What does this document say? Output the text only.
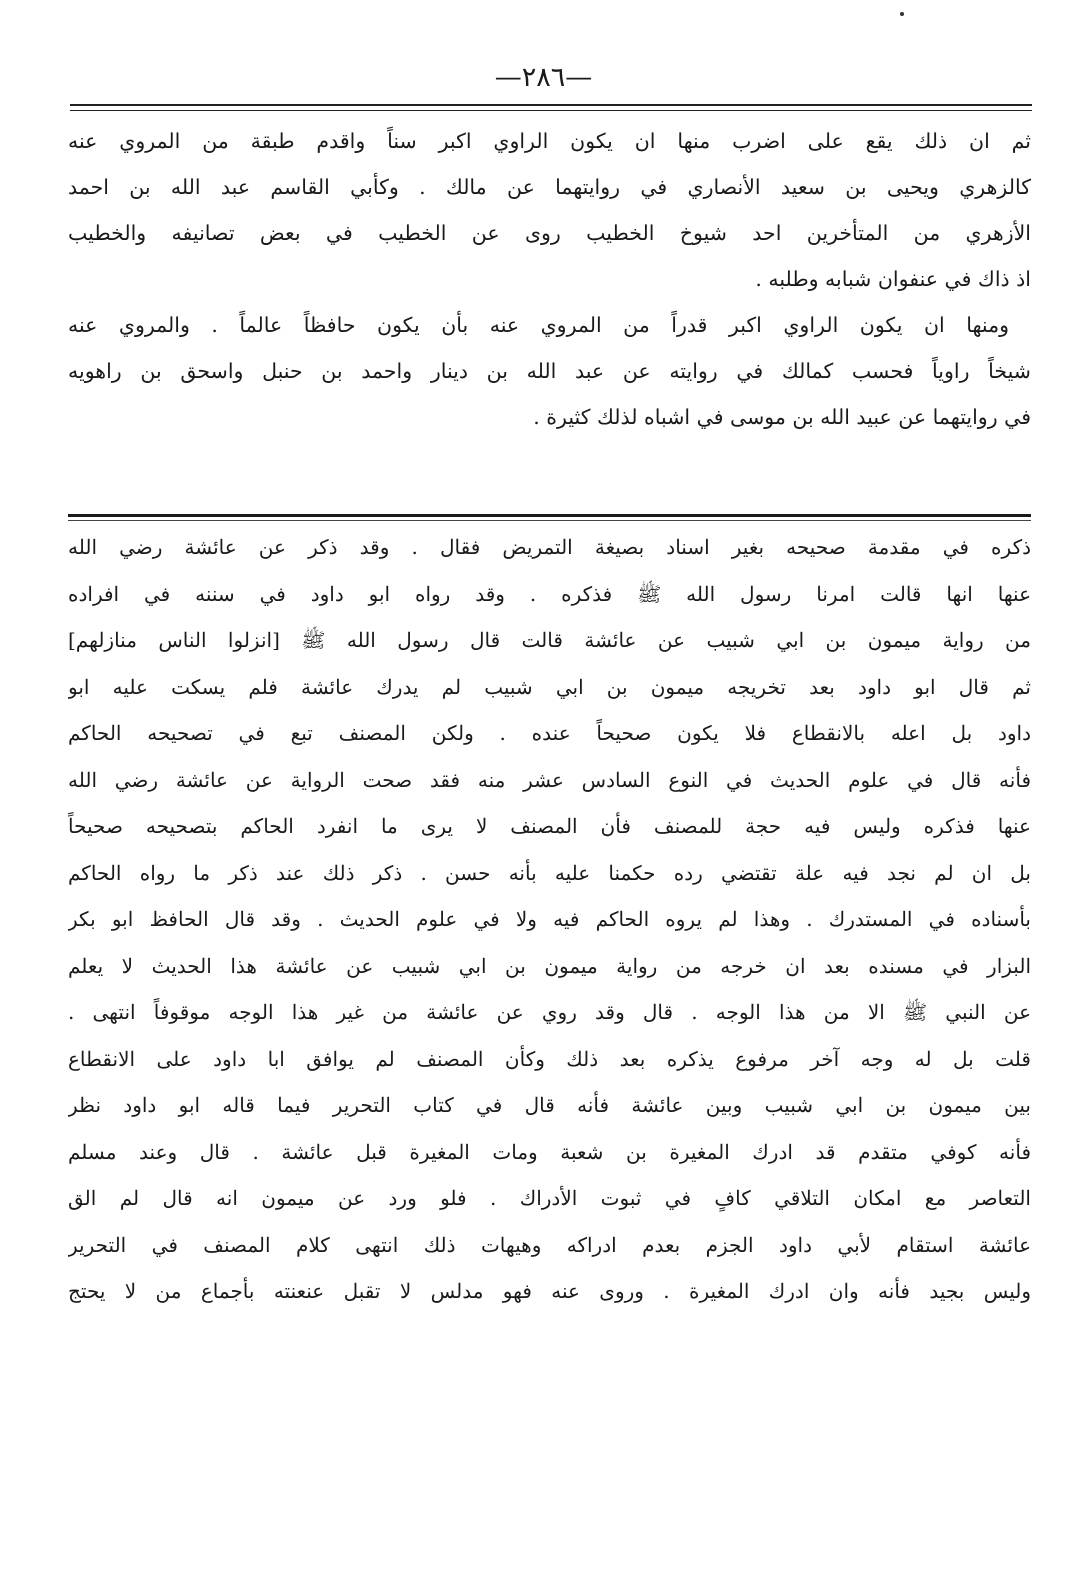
—٢٨٦—
ثم ان ذلك يقع على اضرب منها ان يكون الراوي اكبر سناً واقدم طبقة من المروي عنه
كالزهري ويحيى بن سعيد الأنصاري في روايتهما عن مالك . وكأبي القاسم عبد الله بن احمد
الأزهري من المتأخرين احد شيوخ الخطيب روى عن الخطيب في بعض تصانيفه والخطيب
اذ ذاك في عنفوان شبابه وطلبه .
ومنها ان يكون الراوي اكبر قدراً من المروي عنه بأن يكون حافظاً عالماً . والمروي عنه
شيخاً راوياً فحسب كمالك في روايته عن عبد الله بن دينار واحمد بن حنبل واسحق بن راهويه
في روايتهما عن عبيد الله بن موسى في اشباه لذلك كثيرة .
ذكره في مقدمة صحيحه بغير اسناد بصيغة التمريض فقال . وقد ذكر عن عائشة رضي الله
عنها انها قالت امرنا رسول الله ﷺ فذكره . وقد رواه ابو داود في سننه في افراده
من رواية ميمون بن ابي شبيب عن عائشة قالت قال رسول الله ﷺ [انزلوا الناس منازلهم]
ثم قال ابو داود بعد تخريجه ميمون بن ابي شبيب لم يدرك عائشة فلم يسكت عليه ابو
داود بل اعله بالانقطاع فلا يكون صحيحاً عنده . ولكن المصنف تبع في تصحيحه الحاكم
فأنه قال في علوم الحديث في النوع السادس عشر منه فقد صحت الرواية عن عائشة رضي الله
عنها فذكره وليس فيه حجة للمصنف فأن المصنف لا يرى ما انفرد الحاكم بتصحيحه صحيحاً
بل ان لم نجد فيه علة تقتضي رده حكمنا عليه بأنه حسن . ذكر ذلك عند ذكر ما رواه الحاكم
بأسناده في المستدرك . وهذا لم يروه الحاكم فيه ولا في علوم الحديث . وقد قال الحافظ ابو بكر
البزار في مسنده بعد ان خرجه من رواية ميمون بن ابي شبيب عن عائشة هذا الحديث لا يعلم
عن النبي ﷺ الا من هذا الوجه . قال وقد روي عن عائشة من غير هذا الوجه موقوفاً انتهى .
قلت بل له وجه آخر مرفوع يذكره بعد ذلك وكأن المصنف لم يوافق ابا داود على الانقطاع
بين ميمون بن ابي شبيب وبين عائشة فأنه قال في كتاب التحرير فيما قاله ابو داود نظر
فأنه كوفي متقدم قد ادرك المغيرة بن شعبة ومات المغيرة قبل عائشة . قال وعند مسلم
التعاصر مع امكان التلاقي كافٍ في ثبوت الأدراك . فلو ورد عن ميمون انه قال لم الق
عائشة استقام لأبي داود الجزم بعدم ادراكه وهيهات ذلك انتهى كلام المصنف في التحرير
وليس بجيد فأنه وان ادرك المغيرة . وروى عنه فهو مدلس لا تقبل عنعنته بأجماع من لا يحتج
